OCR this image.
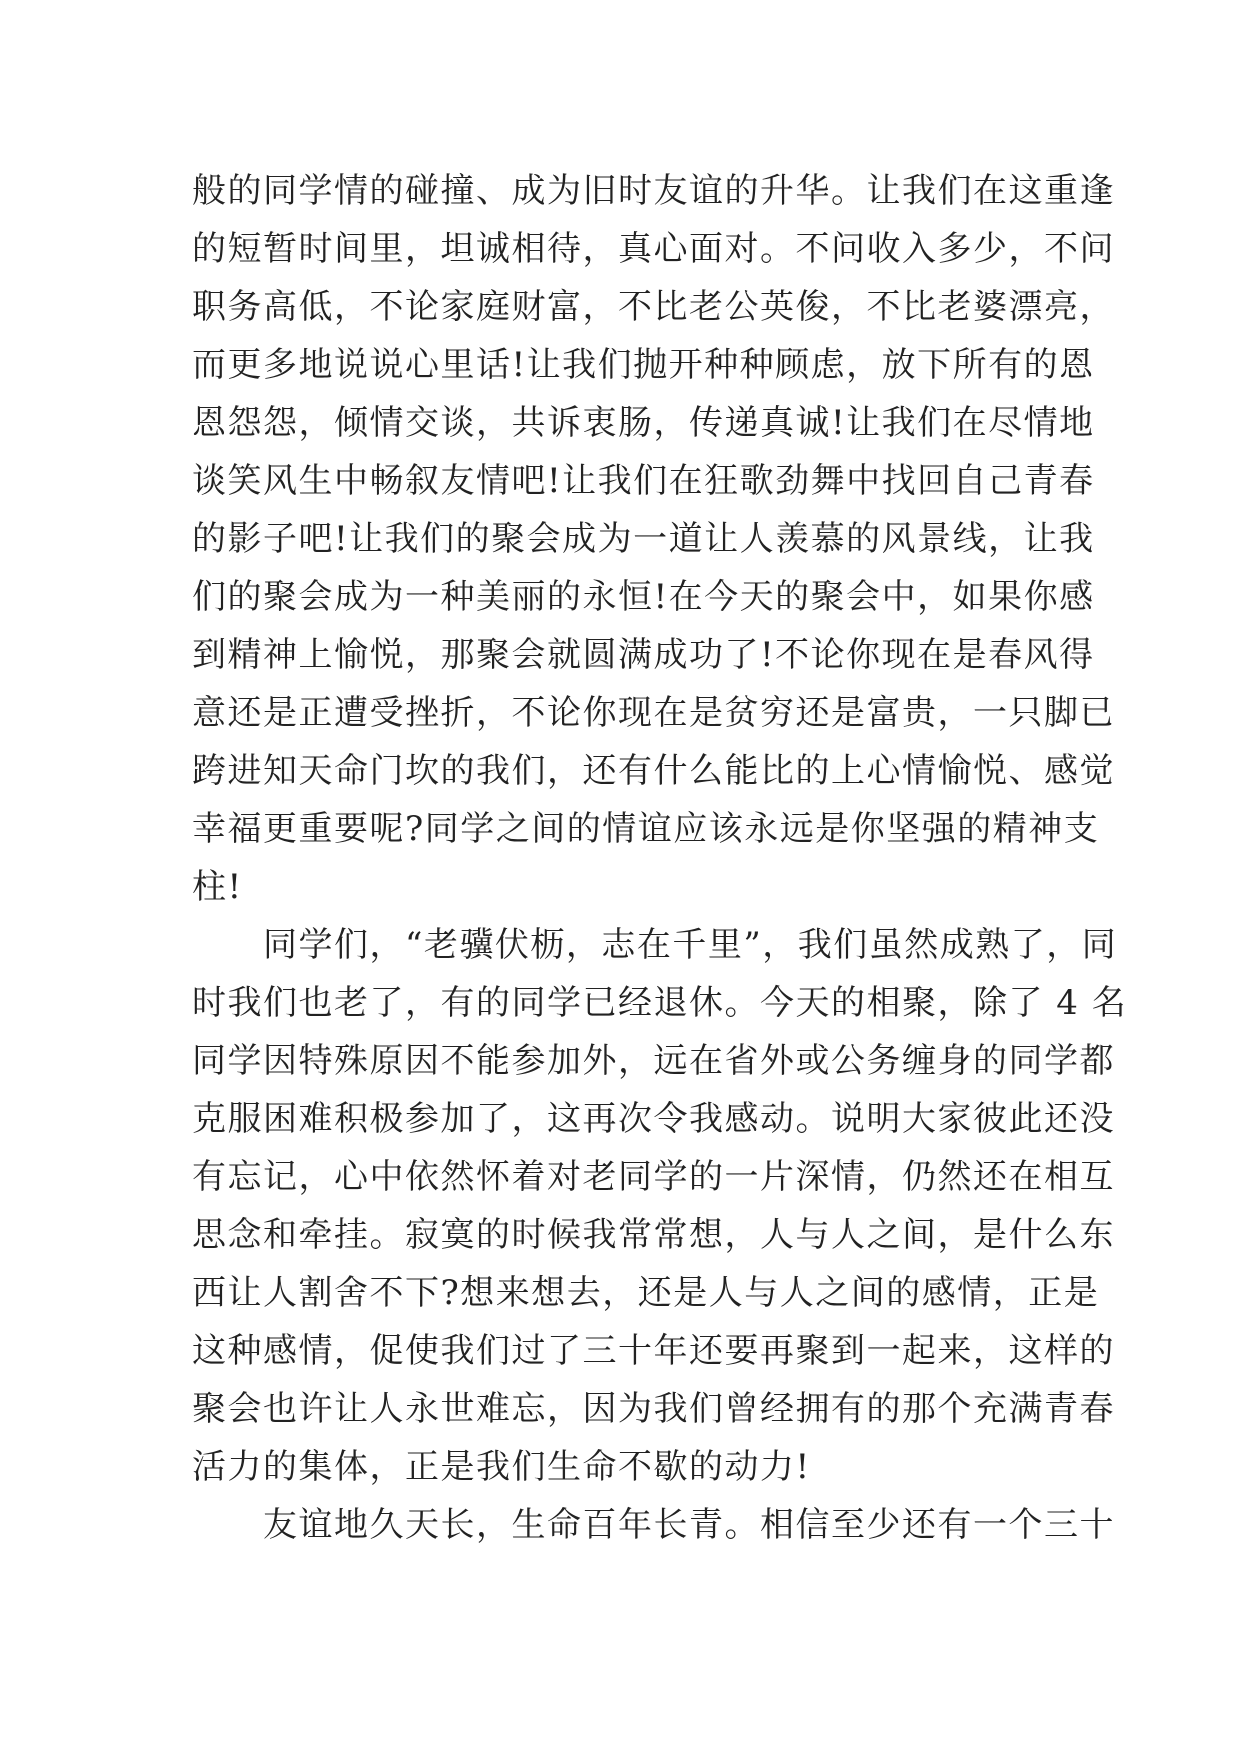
般的同学情的碰撞、成为旧时友谊的升华。让我们在这重逢
的短暂时间里，坦诚相待，真心面对。不问收入多少，不问
职务高低，不论家庭财富，不比老公英俊，不比老婆漂亮，
而更多地说说心里话!让我们抛开种种顾虑，放下所有的恩
恩怨怨，倾情交谈，共诉衷肠，传递真诚!让我们在尽情地
谈笑风生中畅叙友情吧!让我们在狂歌劲舞中找回自己青春
的影子吧!让我们的聚会成为一道让人羡慕的风景线，让我
们的聚会成为一种美丽的永恒!在今天的聚会中，如果你感
到精神上愉悦，那聚会就圆满成功了!不论你现在是春风得
意还是正遭受挫折，不论你现在是贫穷还是富贵，一只脚已
跨进知天命门坎的我们，还有什么能比的上心情愉悦、感觉
幸福更重要呢?同学之间的情谊应该永远是你坚强的精神支
柱!
　　同学们，“老骥伏枥，志在千里”，我们虽然成熟了，同
时我们也老了，有的同学已经退休。今天的相聚，除了 4 名
同学因特殊原因不能参加外，远在省外或公务缠身的同学都
克服困难积极参加了，这再次令我感动。说明大家彼此还没
有忘记，心中依然怀着对老同学的一片深情，仍然还在相互
思念和牵挂。寂寞的时候我常常想，人与人之间，是什么东
西让人割舍不下?想来想去，还是人与人之间的感情，正是
这种感情，促使我们过了三十年还要再聚到一起来，这样的
聚会也许让人永世难忘，因为我们曾经拥有的那个充满青春
活力的集体，正是我们生命不歇的动力!
　　友谊地久天长，生命百年长青。相信至少还有一个三十
